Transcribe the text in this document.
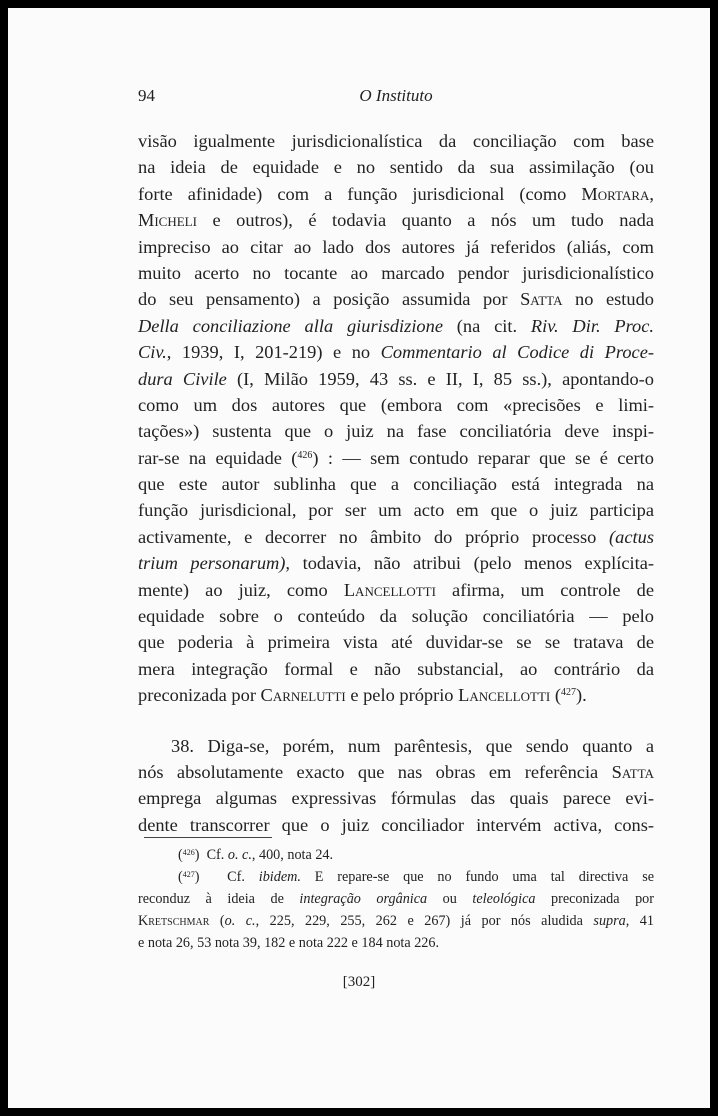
94	O Instituto
visão igualmente jurisdicionalística da conciliação com base
na ideia de equidade e no sentido da sua assimilação (ou
forte afinidade) com a função jurisdicional (como Mortara,
Micheli e outros), é todavia quanto a nós um tudo nada
impreciso ao citar ao lado dos autores já referidos (aliás, com
muito acerto no tocante ao marcado pendor jurisdicionalístico
do seu pensamento) a posição assumida por Satta no estudo
Della conciliazione alla giurisdizione (na cit. Riv. Dir. Proc.
Civ., 1939, I, 201-219) e no Commentario al Codice di Proce-
dura Civile (I, Milão 1959, 43 ss. e II, I, 85 ss.), apontando-o
como um dos autores que (embora com «precisões e limi-
tações») sustenta que o juiz na fase conciliatória deve inspi-
rar-se na equidade ($^{426}$) : — sem contudo reparar que se é certo
que este autor sublinha que a conciliação está integrada na
função jurisdicional, por ser um acto em que o juiz participa
activamente, e decorrer no âmbito do próprio processo (actus
trium personarum), todavia, não atribui (pelo menos explícita-
mente) ao juiz, como Lancellotti afirma, um controle de
equidade sobre o conteúdo da solução conciliatória — pelo
que poderia à primeira vista até duvidar-se se se tratava de
mera integração formal e não substancial, ao contrário da
preconizada por Carnelutti e pelo próprio Lancellotti ($^{427}$).
38. Diga-se, porém, num parêntesis, que sendo quanto a
nós absolutamente exacto que nas obras em referência Satta
emprega algumas expressivas fórmulas das quais parece evi-
dente transcorrer que o juiz conciliador intervém activa, cons-
($^{426}$)  Cf. o. c., 400, nota 24.
($^{427}$)  Cf. ibidem. E repare-se que no fundo uma tal directiva se
reconduz à ideia de integração orgânica ou teleológica preconizada por
Kretschmar (o. c., 225, 229, 255, 262 e 267) já por nós aludida supra, 41
e nota 26, 53 nota 39, 182 e nota 222 e 184 nota 226.
[302]
